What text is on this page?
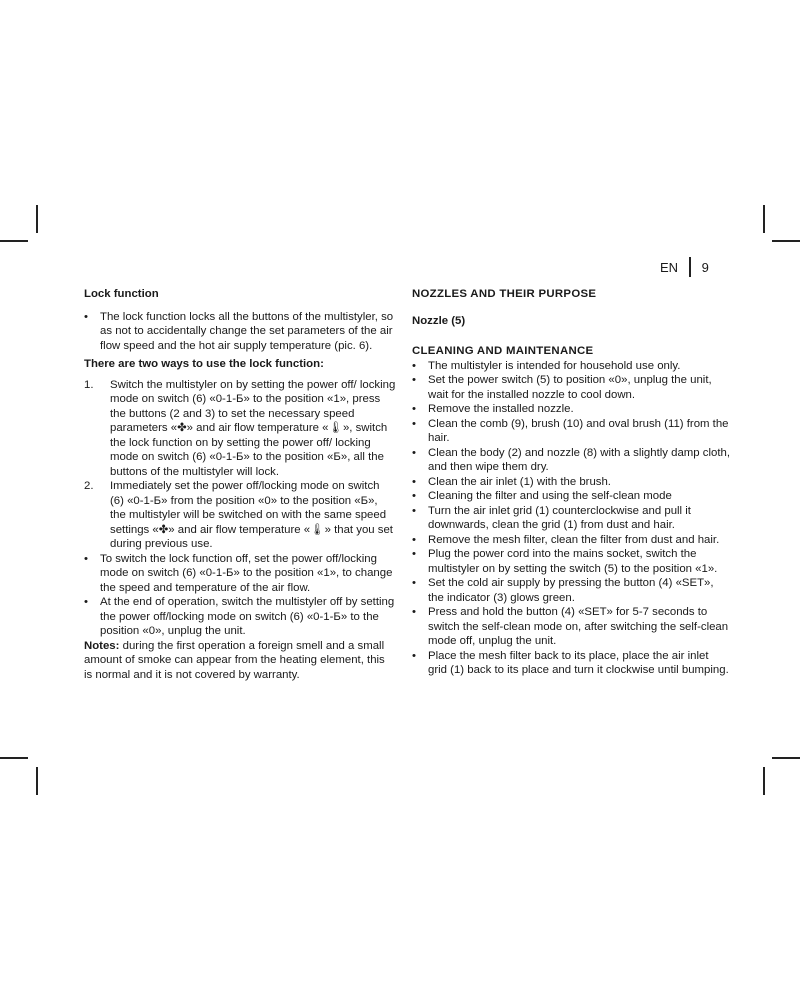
EN 9

Lock function

• The lock function locks all the buttons of the multistyler, so as not to accidentally change the set parameters of the air flow speed and the hot air supply temperature (pic. 6).

There are two ways to use the lock function:

1. Switch the multistyler on by setting the power off/ locking mode on switch (6) «0-1-Б» to the position «1», press the buttons (2 and 3) to set the necessary speed parameters «✤» and air flow temperature «🌡», switch the lock function on by setting the power off/ locking mode on switch (6) «0-1-Б» to the position «Б», all the buttons of the multistyler will lock.
2. Immediately set the power off/locking mode on switch (6) «0-1-Б» from the position «0» to the position «Б», the multistyler will be switched on with the same speed settings «✤» and air flow temperature «🌡» that you set during previous use.
• To switch the lock function off, set the power off/locking mode on switch (6) «0-1-Б» to the position «1», to change the speed and temperature of the air flow.
• At the end of operation, switch the multistyler off by setting the power off/locking mode on switch (6) «0-1-Б» to the position «0», unplug the unit.

Notes: during the first operation a foreign smell and a small amount of smoke can appear from the heating element, this is normal and it is not covered by warranty.

NOZZLES AND THEIR PURPOSE

Nozzle (5)

CLEANING AND MAINTENANCE

• The multistyler is intended for household use only.
• Set the power switch (5) to position «0», unplug the unit, wait for the installed nozzle to cool down.
• Remove the installed nozzle.
• Clean the comb (9), brush (10) and oval brush (11) from the hair.
• Clean the body (2) and nozzle (8) with a slightly damp cloth, and then wipe them dry.
• Clean the air inlet (1) with the brush.
• Cleaning the filter and using the self-clean mode
• Turn the air inlet grid (1) counterclockwise and pull it downwards, clean the grid (1) from dust and hair.
• Remove the mesh filter, clean the filter from dust and hair.
• Plug the power cord into the mains socket, switch the multistyler on by setting the switch (5) to the position «1».
• Set the cold air supply by pressing the button (4) «SET», the indicator (3) glows green.
• Press and hold the button (4) «SET» for 5-7 seconds to switch the self-clean mode on, after switching the self-clean mode off, unplug the unit.
• Place the mesh filter back to its place, place the air inlet grid (1) back to its place and turn it clockwise until bumping.
